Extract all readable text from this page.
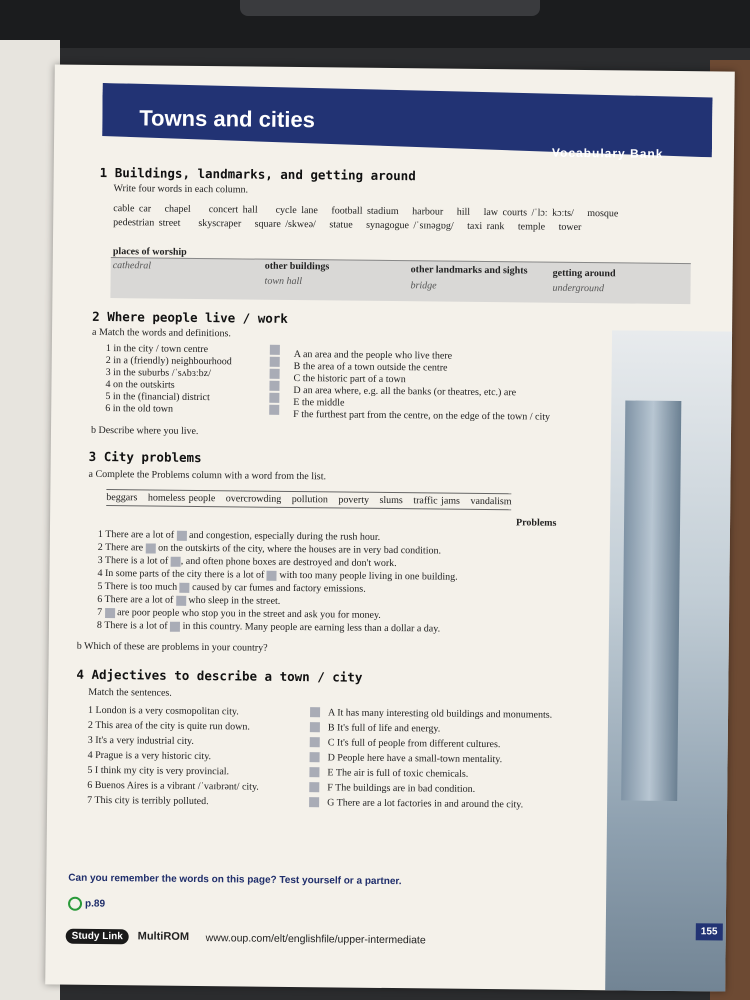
Towns and cities
Vocabulary Bank
1 Buildings, landmarks, and getting around
Write four words in each column.
cable car chapel concert hall cycle lane football stadium harbour hill law courts /ˈlɔː kɔːts/ mosque
pedestrian street skyscraper square /skweə/ statue synagogue /ˈsɪnəgɒg/ taxi rank temple tower
places of worship
cathedral	other buildings
town hall
other landmarks and sights
bridge
getting around
underground
2 Where people live / work
a Match the words and definitions.
1 in the city / town centre
2 in a (friendly) neighbourhood
3 in the suburbs /ˈsʌbɜːbz/
4 on the outskirts
5 in the (financial) district
6 in the old town
A an area and the people who live there
B the area of a town outside the centre
C the historic part of a town
D an area where, e.g. all the banks (or theatres, etc.) are
E the middle
F the furthest part from the centre, on the edge of the town / city
b Describe where you live.
3 City problems
a Complete the Problems column with a word from the list.
beggars homeless people overcrowding pollution poverty slums traffic jams vandalism
Problems
1 There are a lot of  and congestion, especially during the rush hour.
2 There are  on the outskirts of the city, where the houses are in very bad condition.
3 There is a lot of , and often phone boxes are destroyed and don't work.
4 In some parts of the city there is a lot of  with too many people living in one building.
5 There is too much  caused by car fumes and factory emissions.
6 There are a lot of  who sleep in the street.
7  are poor people who stop you in the street and ask you for money.
8 There is a lot of  in this country. Many people are earning less than a dollar a day.
b Which of these are problems in your country?
4 Adjectives to describe a town / city
Match the sentences.
1 London is a very cosmopolitan city.
2 This area of the city is quite run down.
3 It's a very industrial city.
4 Prague is a very historic city.
5 I think my city is very provincial.
6 Buenos Aires is a vibrant /ˈvaɪbrənt/ city.
7 This city is terribly polluted.
A It has many interesting old buildings and monuments.
B It's full of life and energy.
C It's full of people from different cultures.
D People here have a small-town mentality.
E The air is full of toxic chemicals.
F The buildings are in bad condition.
G There are a lot factories in and around the city.
Can you remember the words on this page? Test yourself or a partner.
p.89
Study Link	MultiROM www.oup.com/elt/englishfile/upper-intermediate
155
